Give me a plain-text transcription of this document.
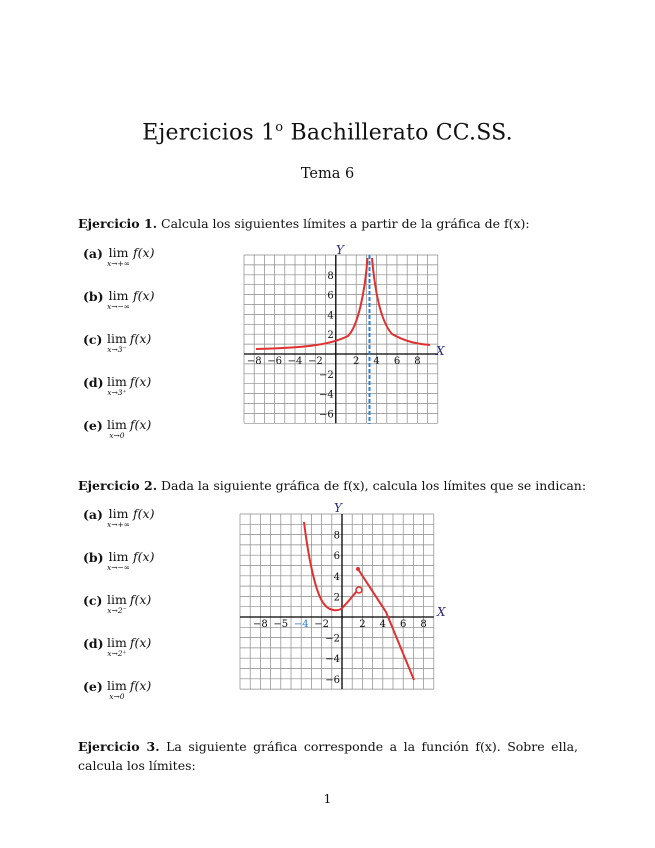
Ejercicios 1$^o$ Bachillerato CC.SS.
Tema 6
Ejercicio 1. Calcula los siguientes límites a partir de la gráfica de f(x):
(a) lim
x→+∞
f(x)
(b) lim
x→−∞
f(x)
(c) lim
x→3⁻
f(x)
(d) lim
x→3⁺
f(x)
(e) lim
x→0
f(x)
−8 −6 −4 −2	2 4 6 8
8
6
4
2
−2
−4
−6
X
Y
Ejercicio 2. Dada la siguiente gráfica de f(x), calcula los límites que se indican:
(a) lim
x→+∞
f(x)
(b) lim
x→−∞
f(x)
(c) lim
x→2⁻
f(x)
(d) lim
x→2⁺
f(x)
(e) lim
x→0
f(x)
−8 −5 −4 −2	2 4 6 8
8
6
4
2
−2
−4
−6
X
Y
Ejercicio 3. La siguiente gráfica corresponde a la función f(x). Sobre ella, calcula los límites:
1
